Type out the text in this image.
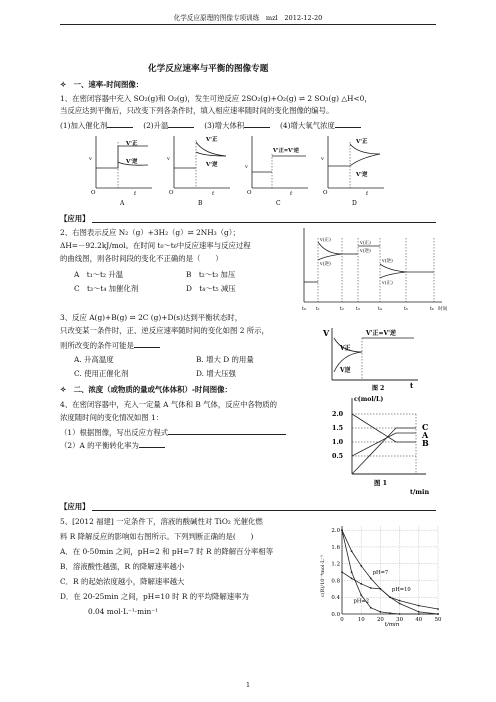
化学反应原理的图像专项训练　mzl　2012-12-20
化学反应速率与平衡的图像专题
✧　 一、速率-时间图像：
1、在密闭容器中充入 SO₂(g)和 O₂(g)，发生可逆反应 2SO₂(g)+O₂(g) ⇌ 2 SO₃(g) △H<0，
当反应达到平衡后，只改变下列各条件时，填入相应速率随时间的变化图像的编号。
(1)加入催化剂　	(2)升温　	(3)增大体积　	(4)增大氧气浓度
v
O	t
V'正
V'逆
A
v
O	t
V'正
V'逆
B
v
O	t
V'正=V'逆
C
v
O	t
V'正
V'逆
D
【应用】
2、右图表示反应 N₂（g）+3H₂（g）⇌ 2NH₃（g）；
ΔH=－92.2kJ/mol。在时间 t₀～t₆中反应速率与反应过程
的曲线图，则各时间段的变化不正确的是（　　）
A　t₁～t₂ 升温	B　t₂～t₃ 加压
C　t₃～t₄ 加催化剂	D　t₄～t₅ 减压
v(正)
v(逆)
v(正)
v(逆)
v(逆)
v(正)
t₀ t₁	t₂	t₃	t₄	t₅	t₆ 时间
3、反应 A(g)+B(g) ⇌ 2C (g)+D(s)达到平衡状态时，
只改变某一条件时，正、逆反应速率随时间的变化如图 2 所示，
则所改变的条件可能是
A. 升高温度	B. 增大 D 的用量
C. 使用正催化剂	D. 增大压强
V
t
V'正=V'逆
V正
V逆
图 2
✧　 二、浓度（或物质的量或气体体积）-时间图像：
4、在密闭容器中，充入一定量 A 气体和 B 气体，反应中各物质的
浓度随时间的变化情况如图 1：
（1）根据图像，写出反应方程式
（2）A 的平衡转化率为
c(mol/L)
2.0
1.5
1.0
0.5
C
A
B
图 1
t/min
【应用】
5、[2012 福建] 一定条件下，溶液的酸碱性对 TiO₂ 光催化燃
料 R 降解反应的影响如右图所示。下列判断正确的是(　　)
A．在 0-50min 之间，pH=2 和 pH=7 时 R 的降解百分率相等
B．溶液酸性越强，R 的降解速率越小
C．R 的起始浓度越小，降解速率越大
D．在 20-25min 之间，pH=10 时 R 的平均降解速率为
0.04 mol·L⁻¹·min⁻¹
c(R)/10⁻⁴mol·L⁻¹
t/min
0	10 20 30 40 50
0.0
0.4
0.8
1.2
1.6
2.0
pH=2
pH=7
pH=10
1
